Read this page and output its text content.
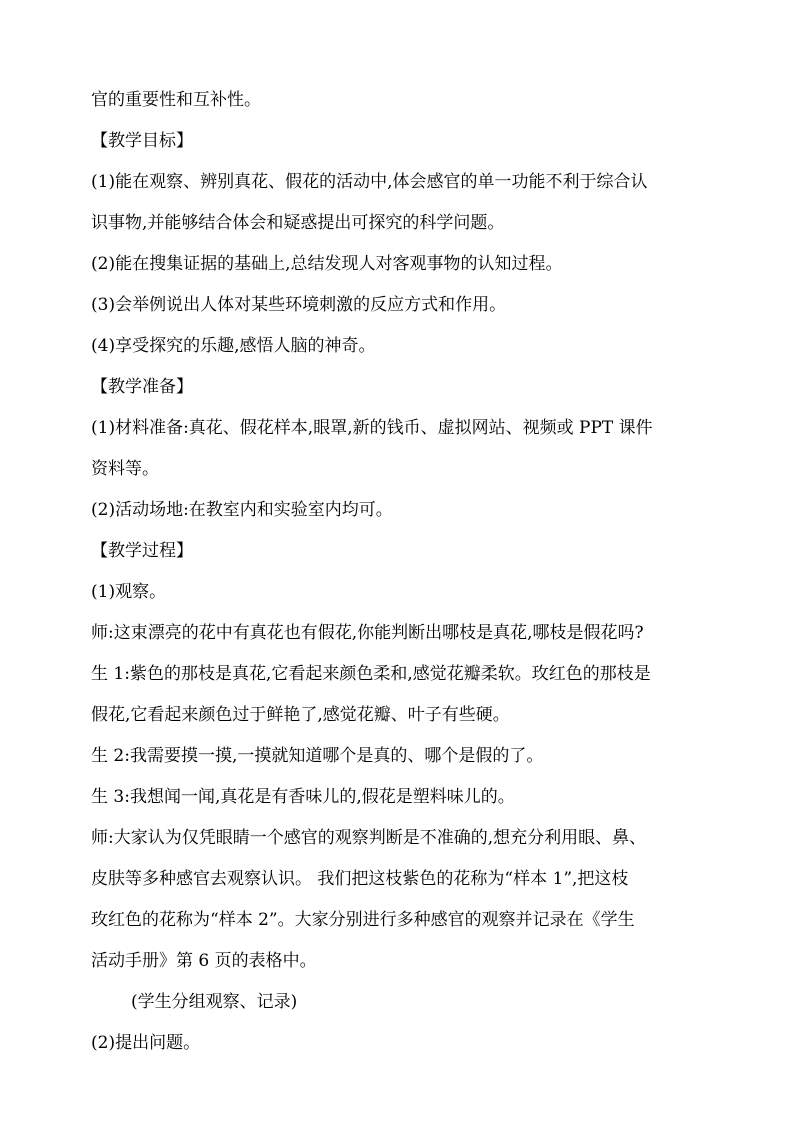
官的重要性和互补性。
【教学目标】
(1)能在观察、辨别真花、假花的活动中,体会感官的单一功能不利于综合认
识事物,并能够结合体会和疑惑提出可探究的科学问题。
(2)能在搜集证据的基础上,总结发现人对客观事物的认知过程。
(3)会举例说出人体对某些环境刺激的反应方式和作用。
(4)享受探究的乐趣,感悟人脑的神奇。
【教学准备】
(1)材料准备:真花、假花样本,眼罩,新的钱币、虚拟网站、视频或 PPT 课件
资料等。
(2)活动场地:在教室内和实验室内均可。
【教学过程】
(1)观察。
师:这束漂亮的花中有真花也有假花,你能判断出哪枝是真花,哪枝是假花吗?
生 1:紫色的那枝是真花,它看起来颜色柔和,感觉花瓣柔软。玫红色的那枝是
假花,它看起来颜色过于鲜艳了,感觉花瓣、叶子有些硬。
生 2:我需要摸一摸,一摸就知道哪个是真的、哪个是假的了。
生 3:我想闻一闻,真花是有香味儿的,假花是塑料味儿的。
师:大家认为仅凭眼睛一个感官的观察判断是不准确的,想充分利用眼、鼻、
皮肤等多种感官去观察认识。 我们把这枝紫色的花称为“样本 1”,把这枝
玫红色的花称为“样本 2”。大家分别进行多种感官的观察并记录在《学生
活动手册》第 6 页的表格中。
(学生分组观察、记录)
(2)提出问题。
